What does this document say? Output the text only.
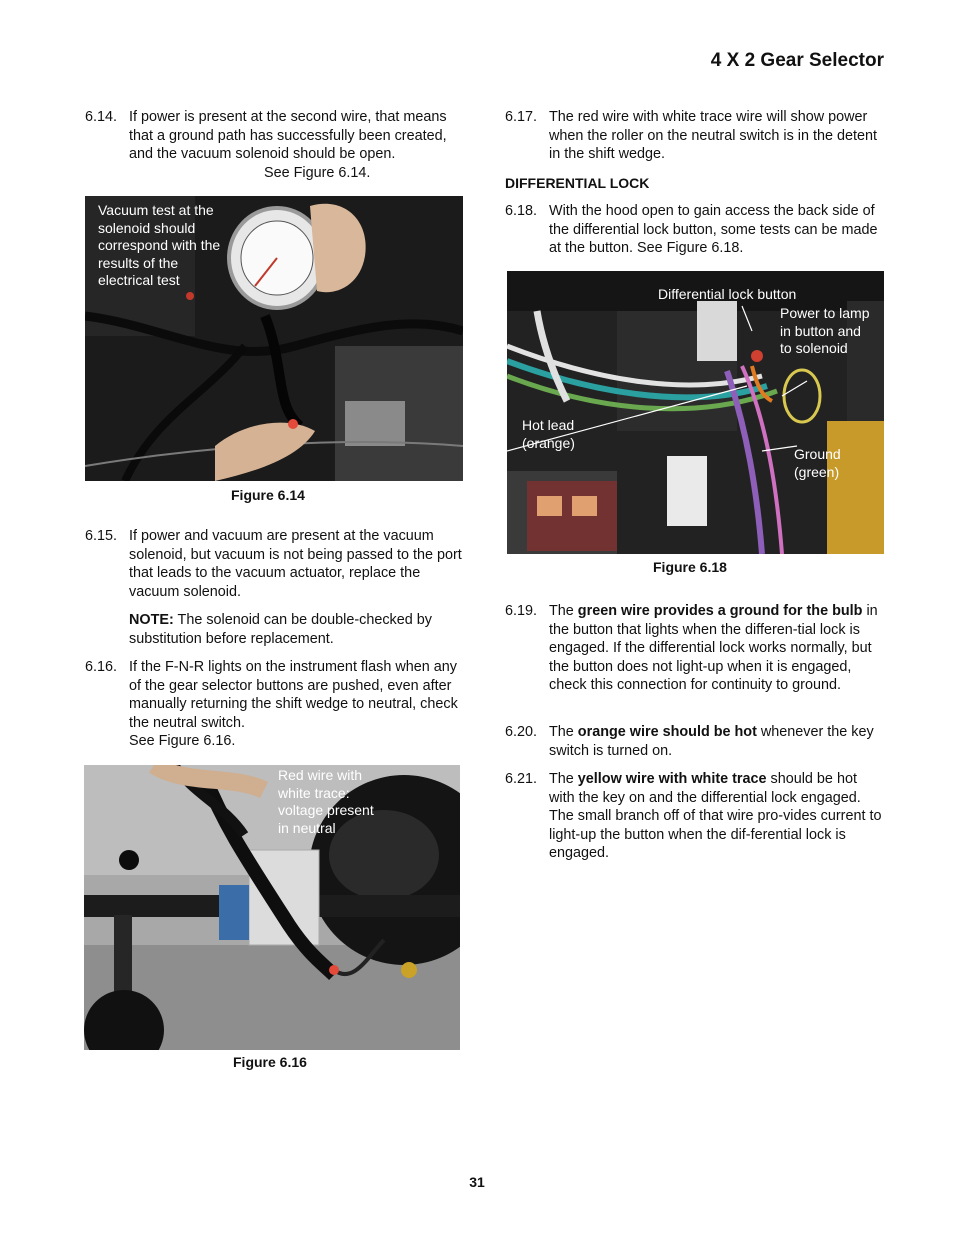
4 X 2 Gear Selector
6.14. If power is present at the second wire, that means that a ground path has successfully been created, and the vacuum solenoid should be open. See Figure 6.14.
Vacuum test at the
solenoid should
correspond with the
results of the
electrical test
Figure 6.14
6.15. If power and vacuum are present at the vacuum solenoid, but vacuum is not being passed to the port that leads to the vacuum actuator, replace the vacuum solenoid.
NOTE: The solenoid can be double-checked by substitution before replacement.
6.16. If the F-N-R lights on the instrument flash when any of the gear selector buttons are pushed, even after manually returning the shift wedge to neutral, check the neutral switch.
See Figure 6.16.
Red wire with
white trace:
voltage present
in neutral
Figure 6.16
6.17. The red wire with white trace wire will show power when the roller on the neutral switch is in the detent in the shift wedge.
DIFFERENTIAL LOCK
6.18. With the hood open to gain access the back side of the differential lock button, some tests can be made at the button. See Figure 6.18.
Differential lock button
Power to lamp
in button and
to solenoid
Hot lead
(orange)
Ground
(green)
Figure 6.18
6.19. The green wire provides a ground for the bulb in the button that lights when the differen-tial lock is engaged. If the differential lock works normally, but the button does not light-up when it is engaged, check this connection for continuity to ground.
6.20. The orange wire should be hot whenever the key switch is turned on.
6.21. The yellow wire with white trace should be hot with the key on and the differential lock engaged. The small branch off of that wire pro-vides current to light-up the button when the dif-ferential lock is engaged.
31
